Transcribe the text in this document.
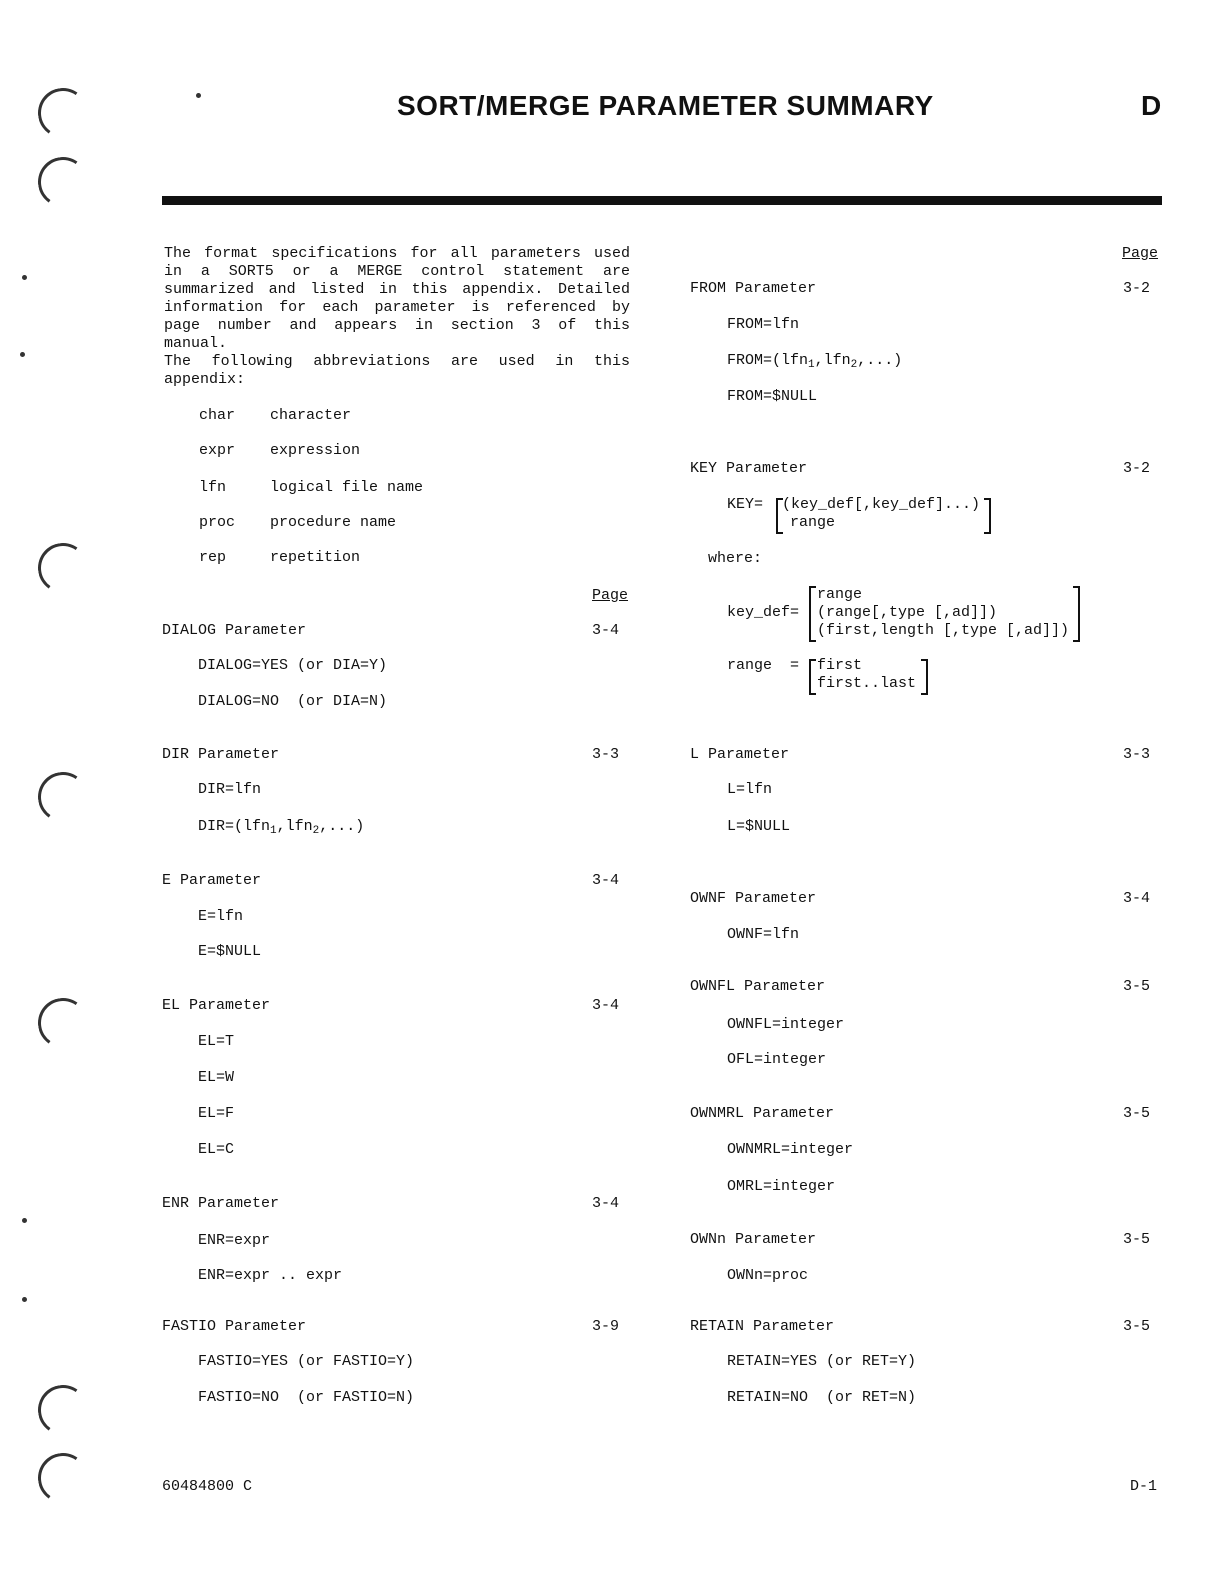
SORT/MERGE PARAMETER SUMMARY	D
The format specifications for all parameters used in a SORT5 or a MERGE control statement are summarized and listed in this appendix. Detailed information for each parameter is referenced by page number and appears in section 3 of this manual.
The following abbreviations are used in this appendix:
char character
expr expression
lfn	logical file name
proc procedure name
rep	repetition
Page
DIALOG Parameter	3-4
DIALOG=YES (or DIA=Y)
DIALOG=NO  (or DIA=N)
DIR Parameter	3-3
DIR=lfn
DIR=(lfn$_1$,lfn$_2$,...)
E Parameter	3-4
E=lfn
E=$NULL
EL Parameter	3-4
EL=T
EL=W
EL=F
EL=C
ENR Parameter	3-4
ENR=expr
ENR=expr .. expr
FASTIO Parameter	3-9
FASTIO=YES (or FASTIO=Y)
FASTIO=NO  (or FASTIO=N)
Page
FROM Parameter	3-2
FROM=lfn
FROM=(lfn$_1$,lfn$_2$,...)
FROM=$NULL
KEY Parameter	3-2
KEY= (key_def[,key_def]...)
range
where:
key_def=
range
(range[,type [,ad]])
(first,length [,type [,ad]])
range  = first
first..last
L Parameter	3-3
L=lfn
L=$NULL
OWNF Parameter	3-4
OWNF=lfn
OWNFL Parameter	3-5
OWNFL=integer
OFL=integer
OWNMRL Parameter	3-5
OWNMRL=integer
OMRL=integer
OWNn Parameter	3-5
OWNn=proc
RETAIN Parameter	3-5
RETAIN=YES (or RET=Y)
RETAIN=NO  (or RET=N)
60484800 C	D-1
